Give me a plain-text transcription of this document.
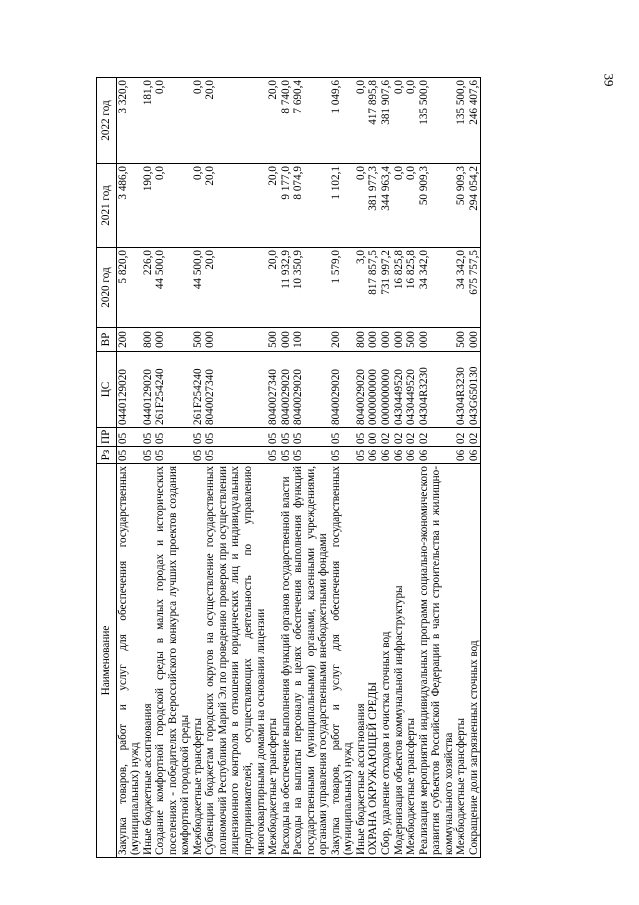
39
Наименование	Рз	ПР	ЦС	ВР	2020 год	2021 год	2022 год
Закупка товаров, работ и услуг для обеспечения государственных (муниципальных) нужд	05	05	0440129020	200	5 820,0	3 486,0	3 320,0
Иные бюджетные ассигнования	05	05	0440129020	800	226,0	190,0	181,0
Создание комфортной городской среды в малых городах и исторических поселениях - победителях Всероссийского конкурса лучших проектов создания комфортной городской среды	05	05	261F254240	000	44 500,0	0,0	0,0
Межбюджетные трансферты	05	05	261F254240	500	44 500,0	0,0	0,0
Субвенции бюджетам городских округов на осуществление государственных полномочий Республики Марий Эл по проведению проверок при осуществлении лицензионного контроля в отношении юридических лиц и индивидуальных предпринимателей, осуществляющих деятельность по управлению многоквартирными домами на основании лицензии	05	05	8040027340	000	20,0	20,0	20,0
Межбюджетные трансферты	05	05	8040027340	500	20,0	20,0	20,0
Расходы на обеспечение выполнения функций органов государственной власти	05	05	8040029020	000	11 932,9	9 177,0	8 740,0
Расходы на выплаты персоналу в целях обеспечения выполнения функций государственными (муниципальными) органами, казенными учреждениями, органами управления государственными внебюджетными фондами	05	05	8040029020	100	10 350,9	8 074,9	7 690,4
Закупка товаров, работ и услуг для обеспечения государственных (муниципальных) нужд	05	05	8040029020	200	1 579,0	1 102,1	1 049,6
Иные бюджетные ассигнования	05	05	8040029020	800	3,0	0,0	0,0
ОХРАНА ОКРУЖАЮЩЕЙ СРЕДЫ	06	00	0000000000	000	817 857,5	381 977,3	417 895,8
Сбор, удаление отходов и очистка сточных вод	06	02	0000000000	000	731 997,2	344 963,4	381 907,6
Модернизация объектов коммунальной инфраструктуры	06	02	0430449520	000	16 825,8	0,0	0,0
Межбюджетные трансферты	06	02	0430449520	500	16 825,8	0,0	0,0
Реализация мероприятий индивидуальных программ социально-экономического развития субъектов Российской Федерации в части строительства и жилищно-коммунального хозяйства	06	02	04304R3230	000	34 342,0	50 909,3	135 500,0
Межбюджетные трансферты	06	02	04304R3230	500	34 342,0	50 909,3	135 500,0
Сокращение доли загрязненных сточных вод	06	02	043G650130	000	675 757,5	294 054,2	246 407,6
